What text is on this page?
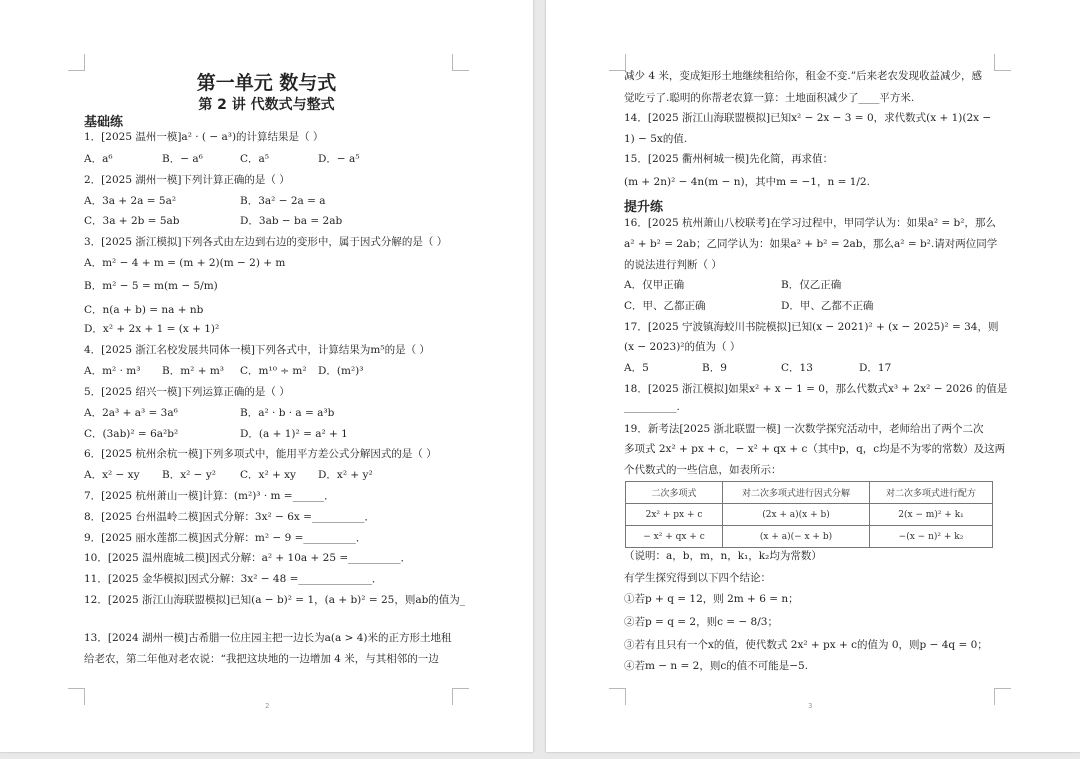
第一单元 数与式
第 2 讲 代数式与整式
基础练
1．[2025 温州一模]a² · ( − a³)的计算结果是（ ）
A．a⁶	B．− a⁶	C．a⁵	D．− a⁵
2．[2025 湖州一模]下列计算正确的是（ ）
A．3a + 2a = 5a²	B．3a² − 2a = a
C．3a + 2b = 5ab	D．3ab − ba = 2ab
3．[2025 浙江模拟]下列各式由左边到右边的变形中，属于因式分解的是（ ）
A．m² − 4 + m = (m + 2)(m − 2) + m
B．m² − 5 = m(m − 5/m)
C．n(a + b) = na + nb
D．x² + 2x + 1 = (x + 1)²
4．[2025 浙江名校发展共同体一模]下列各式中，计算结果为m⁵的是（ ）
A．m² · m³ B．m² + m³ C．m¹⁰ ÷ m² D．(m²)³
5．[2025 绍兴一模]下列运算正确的是（ ）
A．2a³ + a³ = 3a⁶	B．a² · b · a = a³b
C．(3ab)² = 6a²b²	D．(a + 1)² = a² + 1
6．[2025 杭州余杭一模]下列多项式中，能用平方差公式分解因式的是（ ）
A．x² − xy B．x² − y² C．x² + xy D．x² + y²
7．[2025 杭州萧山一模]计算：(m²)³ · m =______．
8．[2025 台州温岭二模]因式分解：3x² − 6x =__________．
9．[2025 丽水莲都二模]因式分解：m² − 9 =__________．
10．[2025 温州鹿城二模]因式分解：a² + 10a + 25 =__________．
11．[2025 金华模拟]因式分解：3x² − 48 =______________．
12．[2025 浙江山海联盟模拟]已知(a − b)² = 1，(a + b)² = 25，则ab的值为_
13．[2024 湖州一模]古希腊一位庄园主把一边长为a(a > 4)米的正方形土地租
给老农，第二年他对老农说：“我把这块地的一边增加 4 米，与其相邻的一边
2
减少 4 米，变成矩形土地继续租给你，租金不变.”后来老农发现收益减少，感
觉吃亏了.聪明的你帮老农算一算：土地面积减少了____平方米.
14．[2025 浙江山海联盟模拟]已知x² − 2x − 3 = 0，求代数式(x + 1)(2x −
1) − 5x的值.
15．[2025 衢州柯城一模]先化简，再求值：
(m + 2n)² − 4n(m − n)，其中m = −1，n = 1/2.
提升练
16．[2025 杭州萧山八校联考]在学习过程中，甲同学认为：如果a² = b²，那么
a² + b² = 2ab；乙同学认为：如果a² + b² = 2ab，那么a² = b².请对两位同学
的说法进行判断（ ）
A．仅甲正确	B．仅乙正确
C．甲、乙都正确	D．甲、乙都不正确
17．[2025 宁波镇海蛟川书院模拟]已知(x − 2021)² + (x − 2025)² = 34，则
(x − 2023)²的值为（ ）
A．5	B．9	C．13	D．17
18．[2025 浙江模拟]如果x² + x − 1 = 0，那么代数式x³ + 2x² − 2026 的值是
__________.
19．新考法[2025 浙北联盟一模] 一次数学探究活动中，老师给出了两个二次
多项式 2x² + px + c，− x² + qx + c（其中p，q，c均是不为零的常数）及这两
个代数式的一些信息，如表所示：
二次多项式	对二次多项式进行因式分解	对二次多项式进行配方
2x² + px + c	(2x + a)(x + b)	2(x − m)² + k₁
− x² + qx + c	(x + a)(− x + b)	−(x − n)² + k₂
（说明：a，b，m，n，k₁，k₂均为常数）
有学生探究得到以下四个结论：
①若p + q = 12，则 2m + 6 = n；
②若p = q = 2，则c = − 8/3；
③若有且只有一个x的值，使代数式 2x² + px + c的值为 0，则p − 4q = 0；
④若m − n = 2，则c的值不可能是−5.
3
